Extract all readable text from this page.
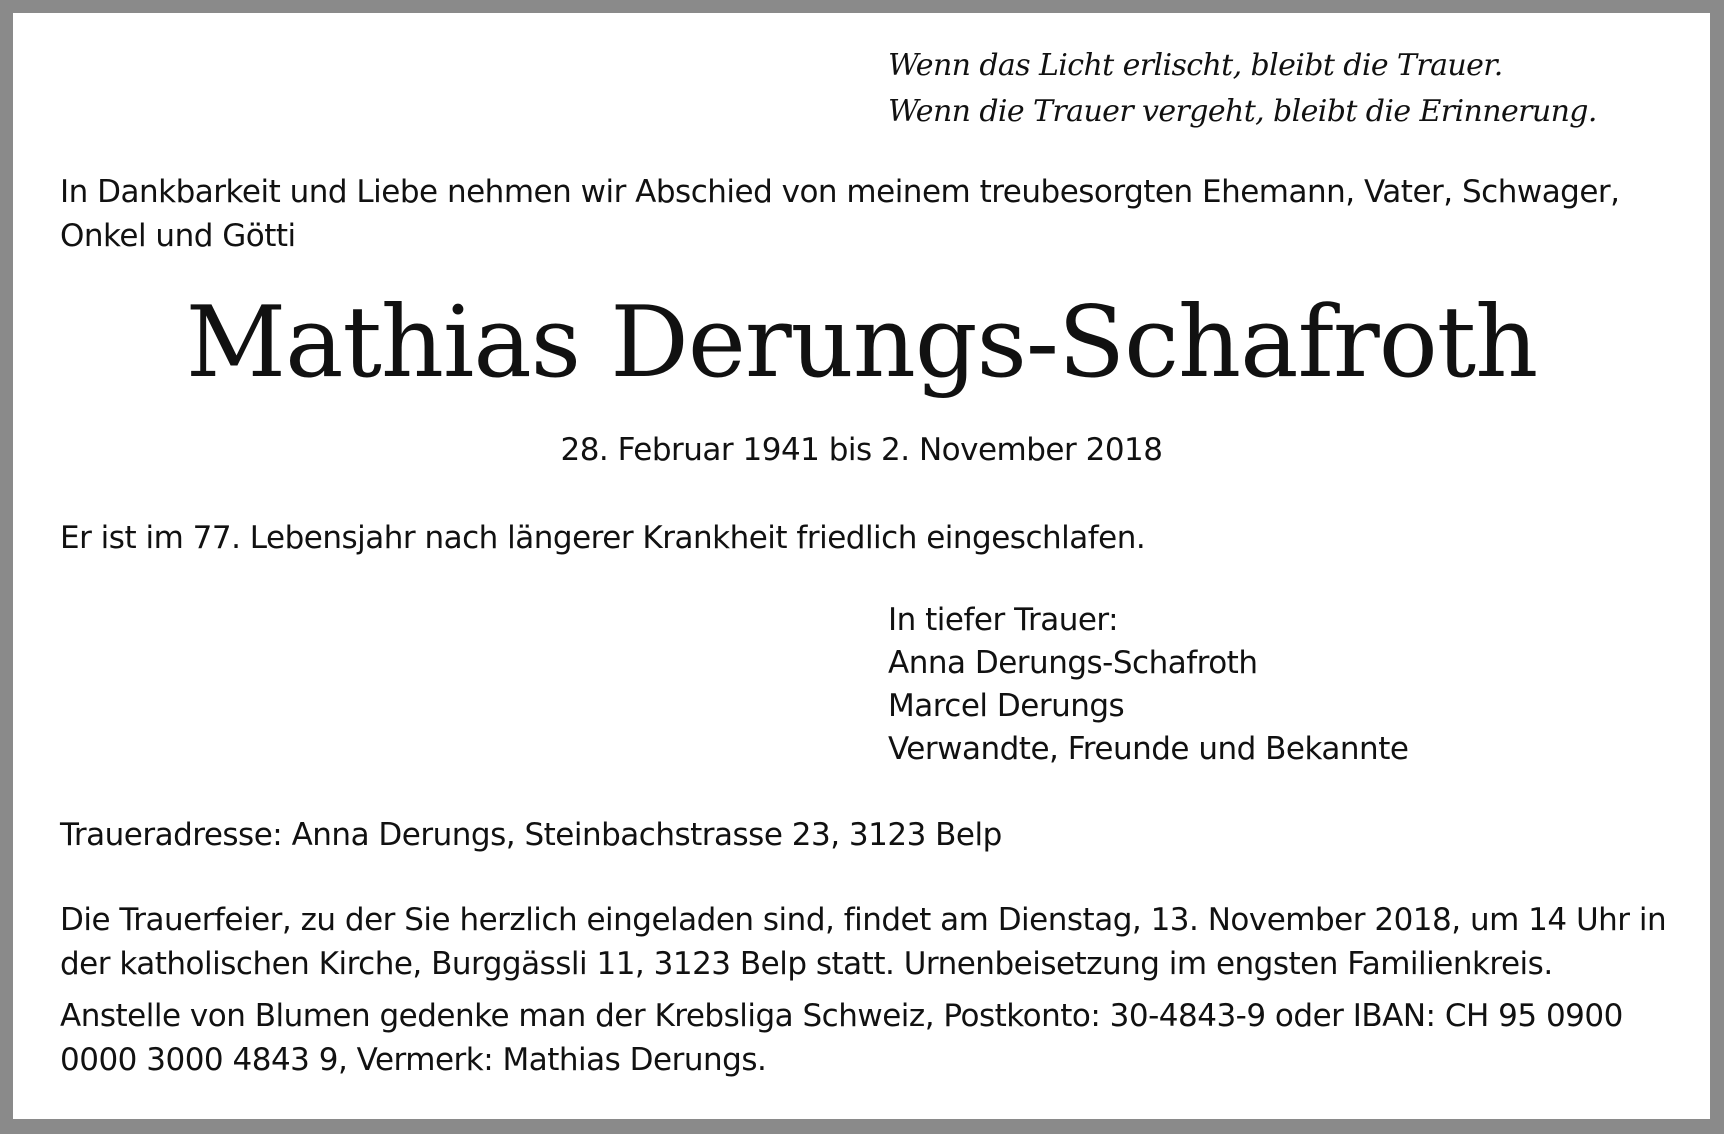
Wenn das Licht erlischt, bleibt die Trauer.
Wenn die Trauer vergeht, bleibt die Erinnerung.

In Dankbarkeit und Liebe nehmen wir Abschied von meinem treubesorgten Ehemann, Vater, Schwager, Onkel und Götti

Mathias Derungs-Schafroth

28. Februar 1941 bis 2. November 2018

Er ist im 77. Lebensjahr nach längerer Krankheit friedlich eingeschlafen.

In tiefer Trauer:
Anna Derungs-Schafroth
Marcel Derungs
Verwandte, Freunde und Bekannte

Traueradresse: Anna Derungs, Steinbachstrasse 23, 3123 Belp

Die Trauerfeier, zu der Sie herzlich eingeladen sind, findet am Dienstag, 13. November 2018, um 14 Uhr in der katholischen Kirche, Burggässli 11, 3123 Belp statt. Urnenbeisetzung im engsten Familienkreis.

Anstelle von Blumen gedenke man der Krebsliga Schweiz, Postkonto: 30-4843-9 oder IBAN: CH 95 0900 0000 3000 4843 9, Vermerk: Mathias Derungs.
